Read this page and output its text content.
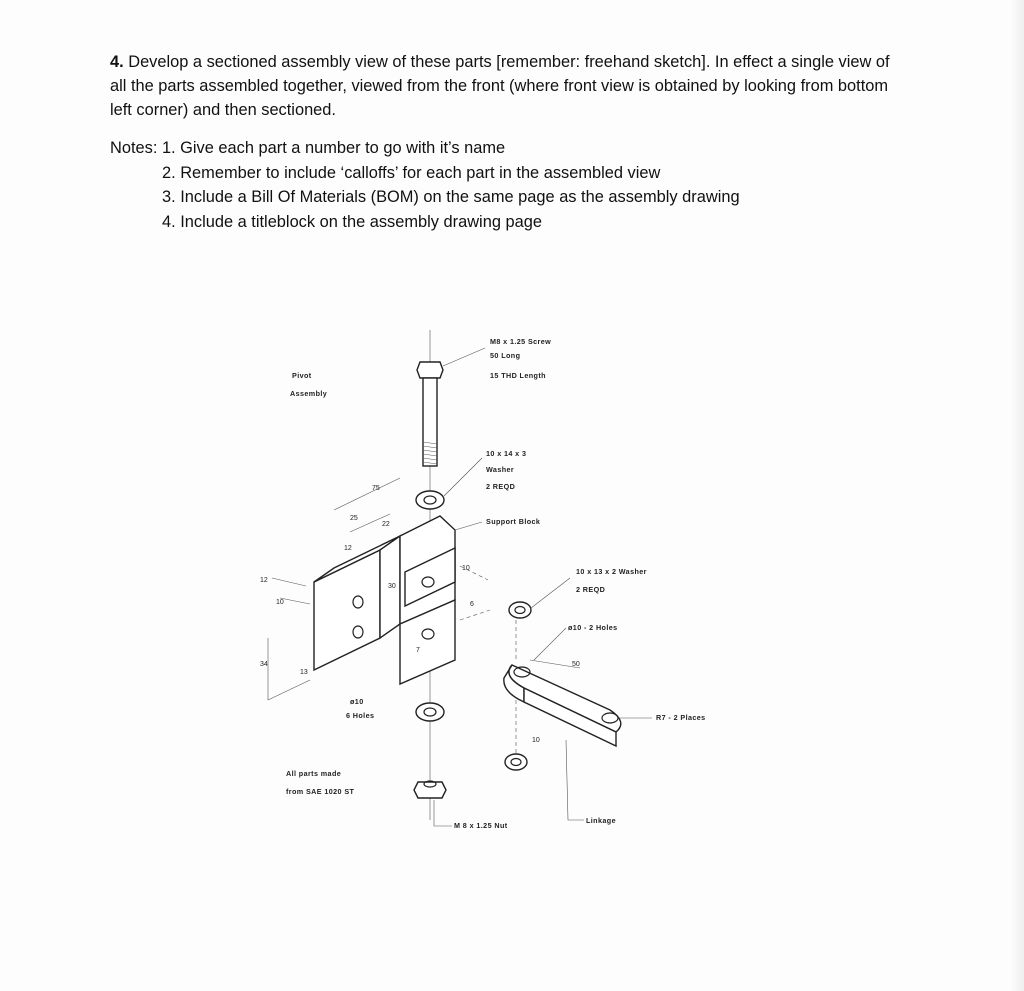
4. Develop a sectioned assembly view of these parts [remember: freehand sketch]. In effect a single view of all the parts assembled together, viewed from the front (where front view is obtained by looking from bottom left corner) and then sectioned.
Notes: 1. Give each part a number to go with it’s name
2. Remember to include ‘calloffs’ for each part in the assembled view
3. Include a Bill Of Materials (BOM) on the same page as the assembly drawing
4. Include a titleblock on the assembly drawing page
M8 x 1.25 Screw
50 Long
15 THD Length
Pivot
Assembly
10 x 14 x 3
Washer
2 REQD
Support Block
75
25
22
12
12
10
10
30
6
7
34
13
10 x 13 x 2 Washer
2 REQD
ø10 - 2 Holes
50
10
R7 - 2 Places
Linkage
ø10
6 Holes
M 8 x 1.25 Nut
All parts made
from SAE 1020 ST
